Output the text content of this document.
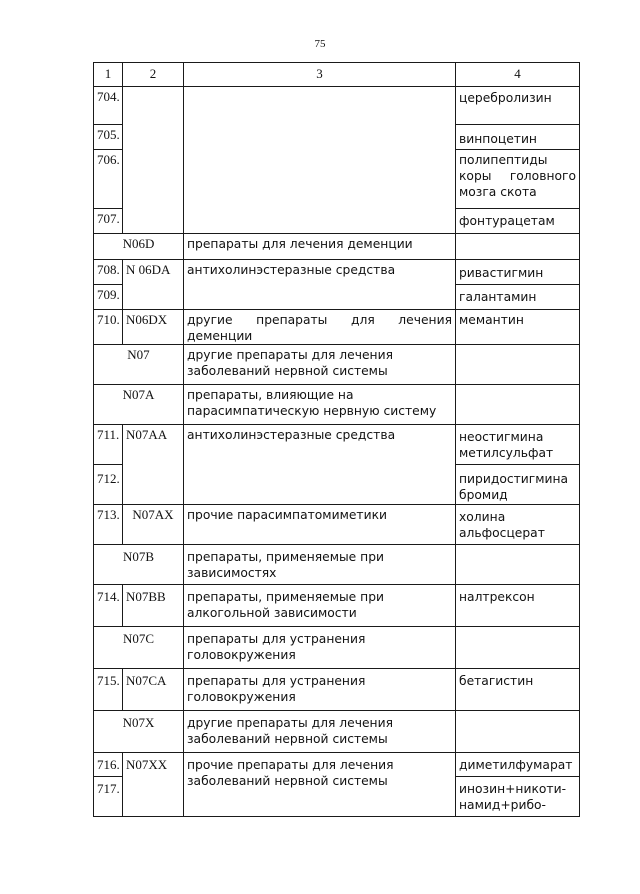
75
1	2	3	4
704.			церебролизин
705.			винпоцетин
706.			полипептиды
коры головного
мозга скота

707.			фонтурацетам
N06D		препараты для лечения деменции	
708.	N 06DA	антихолинэстеразные средства	ривастигмин
709.			галантамин
710.	N06DX	другие препараты для лечения деменции	мемантин
N07		другие препараты для лечения
заболеваний нервной системы	

N07A		препараты, влияющие на
парасимпатическую нервную систему	

711.	N07AA	антихолинэстеразные средства	неостигмина
метилсульфат

712.			пиридостигмина
бромид

713.	N07AX	прочие парасимпатомиметики	холина
альфосцерат

N07B		препараты, применяемые при
зависимостях	

714.	N07BB	препараты, применяемые при
алкогольной зависимости	налтрексон
N07C		препараты для устранения
головокружения	

715.	N07CA	препараты для устранения
головокружения	бетагистин
N07X		другие препараты для лечения
заболеваний нервной системы	

716.	N07XX	прочие препараты для лечения
заболеваний нервной системы	диметилфумарат
717.			инозин+никоти-
намид+рибо-
